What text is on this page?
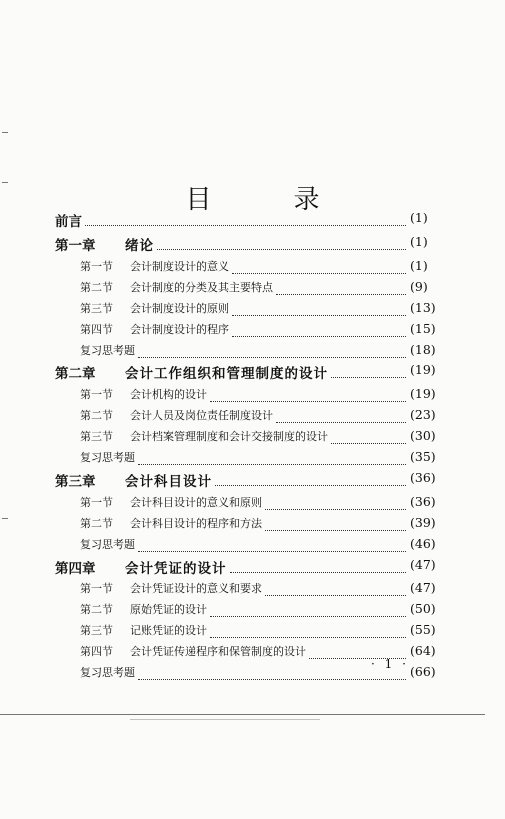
目　录
前言	(1)
第一章 绪论	(1)
第一节 会计制度设计的意义	(1)
第二节 会计制度的分类及其主要特点	(9)
第三节 会计制度设计的原则	(13)
第四节 会计制度设计的程序	(15)
复习思考题	(18)
第二章 会计工作组织和管理制度的设计	(19)
第一节 会计机构的设计	(19)
第二节 会计人员及岗位责任制度设计	(23)
第三节 会计档案管理制度和会计交接制度的设计	(30)
复习思考题	(35)
第三章 会计科目设计	(36)
第一节 会计科目设计的意义和原则	(36)
第二节 会计科目设计的程序和方法	(39)
复习思考题	(46)
第四章 会计凭证的设计	(47)
第一节 会计凭证设计的意义和要求	(47)
第二节 原始凭证的设计	(50)
第三节 记账凭证的设计	(55)
第四节 会计凭证传递程序和保管制度的设计	(64)
复习思考题	(66)
· 1 ·
